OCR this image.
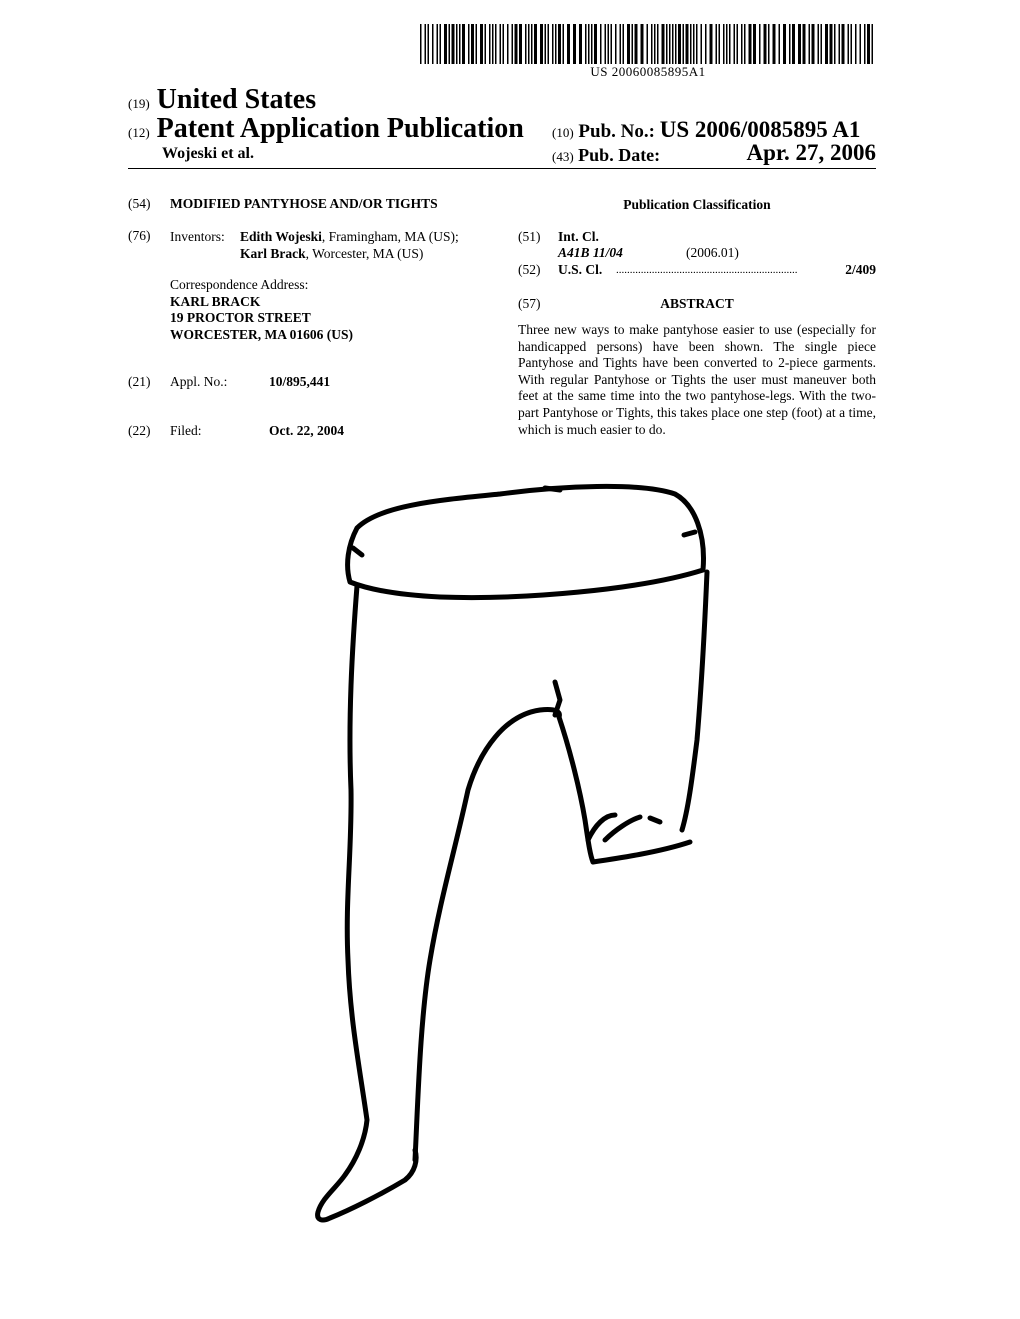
US 20060085895A1
(19) United States
(12) Patent Application Publication
Wojeski et al.
(10) Pub. No.: US 2006/0085895 A1
(43) Pub. Date:	Apr. 27, 2006
(54) MODIFIED PANTYHOSE AND/OR TIGHTS
(76) Inventors: Edith Wojeski, Framingham, MA (US);
Karl Brack, Worcester, MA (US)
Correspondence Address:
KARL BRACK
19 PROCTOR STREET
WORCESTER, MA 01606 (US)
(21) Appl. No.:	10/895,441
(22) Filed:	Oct. 22, 2004
Publication Classification
(51) Int. Cl.
A41B 11/04	(2006.01)
(52) U.S. Cl. ..................................................................	2/409
(57)	ABSTRACT
Three new ways to make pantyhose easier to use (especially for handicapped persons) have been shown. The single piece Pantyhose and Tights have been converted to 2-piece garments. With regular Pantyhose or Tights the user must maneuver both feet at the same time into the two pantyhose-legs. With the two-part Pantyhose or Tights, this takes place one step (foot) at a time, which is much easier to do.
